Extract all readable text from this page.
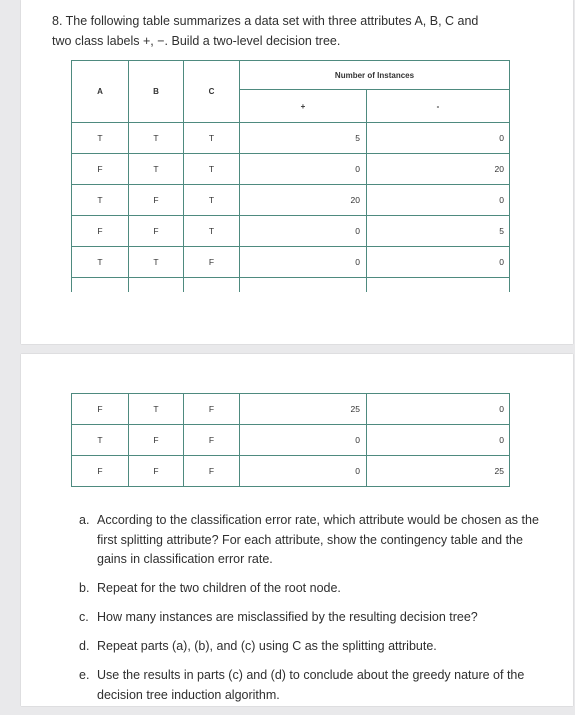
8. The following table summarizes a data set with three attributes A, B, C and

two class labels +, −. Build a two-level decision tree.

A	B	C	Number of Instances	
			+	-
T	T	T	5	0
F	T	T	0	20
T	F	T	20	0
F	F	T	0	5
T	T	F	0	0

F	T	F	25	0
T	F	F	0	0
F	F	F	0	25
a. According to the classification error rate, which attribute would be chosen as the first splitting attribute? For each attribute, show the contingency table and the gains in classification error rate.
b. Repeat for the two children of the root node.
c. How many instances are misclassified by the resulting decision tree?
d. Repeat parts (a), (b), and (c) using C as the splitting attribute.
e. Use the results in parts (c) and (d) to conclude about the greedy nature of the decision tree induction algorithm.
